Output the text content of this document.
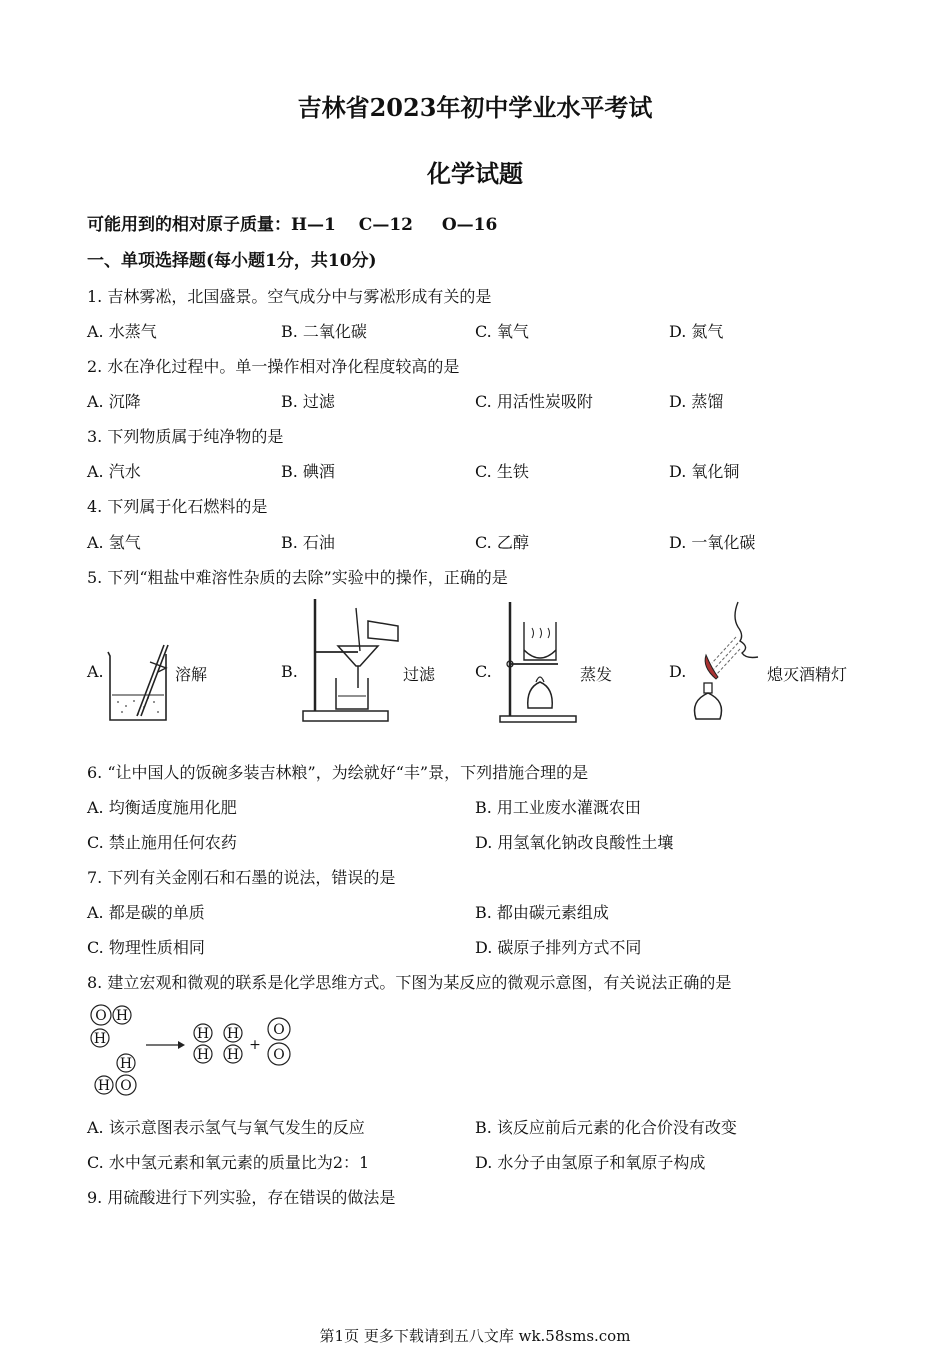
吉林省2023年初中学业水平考试
化学试题
可能用到的相对原子质量：H—1　 C—12 　 O—16
一、单项选择题(每小题1分，共10分)
1. 吉林雾凇，北国盛景。空气成分中与雾凇形成有关的是
A. 水蒸气	B. 二氧化碳	C. 氧气	D. 氮气
2. 水在净化过程中。单一操作相对净化程度较高的是
A. 沉降	B. 过滤	C. 用活性炭吸附	D. 蒸馏
3. 下列物质属于纯净物的是
A. 汽水	B. 碘酒	C. 生铁	D. 氧化铜
4. 下列属于化石燃料的是
A. 氢气	B. 石油	C. 乙醇	D. 一氧化碳
5. 下列“粗盐中难溶性杂质的去除”实验中的操作，正确的是
A.	溶解	B.	过滤 C.	蒸发	D.	熄灭酒精灯
6. “让中国人的饭碗多装吉林粮”，为绘就好“丰”景，下列措施合理的是
A. 均衡适度施用化肥	B. 用工业废水灌溉农田
C. 禁止施用任何农药	D. 用氢氧化钠改良酸性土壤
7. 下列有关金刚石和石墨的说法，错误的是
A. 都是碳的单质	B. 都由碳元素组成
C. 物理性质相同	D. 碳原子排列方式不同
8. 建立宏观和微观的联系是化学思维方式。下图为某反应的微观示意图，有关说法正确的是
O H
H
H
H O
H
H
H
H
+
O
O
A. 该示意图表示氢气与氧气发生的反应	B. 该反应前后元素的化合价没有改变
C. 水中氢元素和氧元素的质量比为2：1	D. 水分子由氢原子和氧原子构成
9. 用硫酸进行下列实验，存在错误的做法是
第1页 更多下载请到五八文库 wk.58sms.com
